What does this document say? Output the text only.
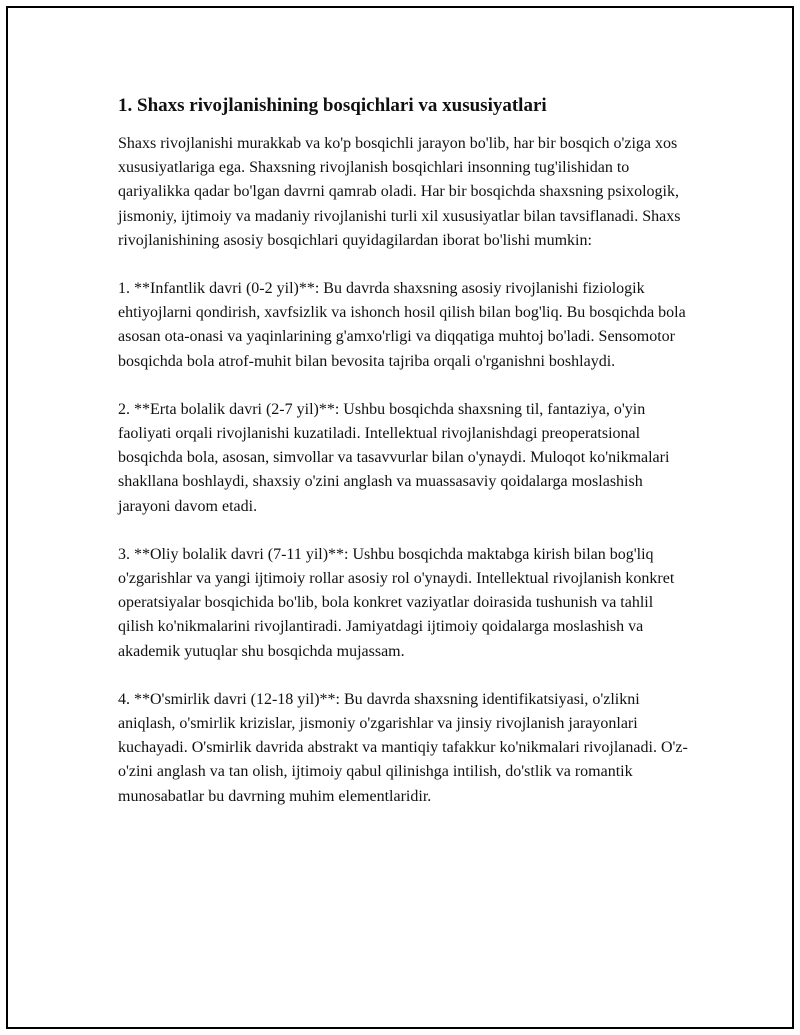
1. Shaxs rivojlanishining bosqichlari va xususiyatlari

Shaxs rivojlanishi murakkab va ko'p bosqichli jarayon bo'lib, har bir bosqich o'ziga xos xususiyatlariga ega. Shaxsning rivojlanish bosqichlari insonning tug'ilishidan to qariyalikka qadar bo'lgan davrni qamrab oladi. Har bir bosqichda shaxsning psixologik, jismoniy, ijtimoiy va madaniy rivojlanishi turli xil xususiyatlar bilan tavsiflanadi. Shaxs rivojlanishining asosiy bosqichlari quyidagilardan iborat bo'lishi mumkin:

1. **Infantlik davri (0-2 yil)**: Bu davrda shaxsning asosiy rivojlanishi fiziologik ehtiyojlarni qondirish, xavfsizlik va ishonch hosil qilish bilan bog'liq. Bu bosqichda bola asosan ota-onasi va yaqinlarining g'amxo'rligi va diqqatiga muhtoj bo'ladi. Sensomotor bosqichda bola atrof-muhit bilan bevosita tajriba orqali o'rganishni boshlaydi.

2. **Erta bolalik davri (2-7 yil)**: Ushbu bosqichda shaxsning til, fantaziya, o'yin faoliyati orqali rivojlanishi kuzatiladi. Intellektual rivojlanishdagi preoperatsional bosqichda bola, asosan, simvollar va tasavvurlar bilan o'ynaydi. Muloqot ko'nikmalari shakllana boshlaydi, shaxsiy o'zini anglash va muassasaviy qoidalarga moslashish jarayoni davom etadi.

3. **Oliy bolalik davri (7-11 yil)**: Ushbu bosqichda maktabga kirish bilan bog'liq o'zgarishlar va yangi ijtimoiy rollar asosiy rol o'ynaydi. Intellektual rivojlanish konkret operatsiyalar bosqichida bo'lib, bola konkret vaziyatlar doirasida tushunish va tahlil qilish ko'nikmalarini rivojlantiradi. Jamiyatdagi ijtimoiy qoidalarga moslashish va akademik yutuqlar shu bosqichda mujassam.

4. **O'smirlik davri (12-18 yil)**: Bu davrda shaxsning identifikatsiyasi, o'zlikni aniqlash, o'smirlik krizislar, jismoniy o'zgarishlar va jinsiy rivojlanish jarayonlari kuchayadi. O'smirlik davrida abstrakt va mantiqiy tafakkur ko'nikmalari rivojlanadi. O'z-o'zini anglash va tan olish, ijtimoiy qabul qilinishga intilish, do'stlik va romantik munosabatlar bu davrning muhim elementlaridir.
